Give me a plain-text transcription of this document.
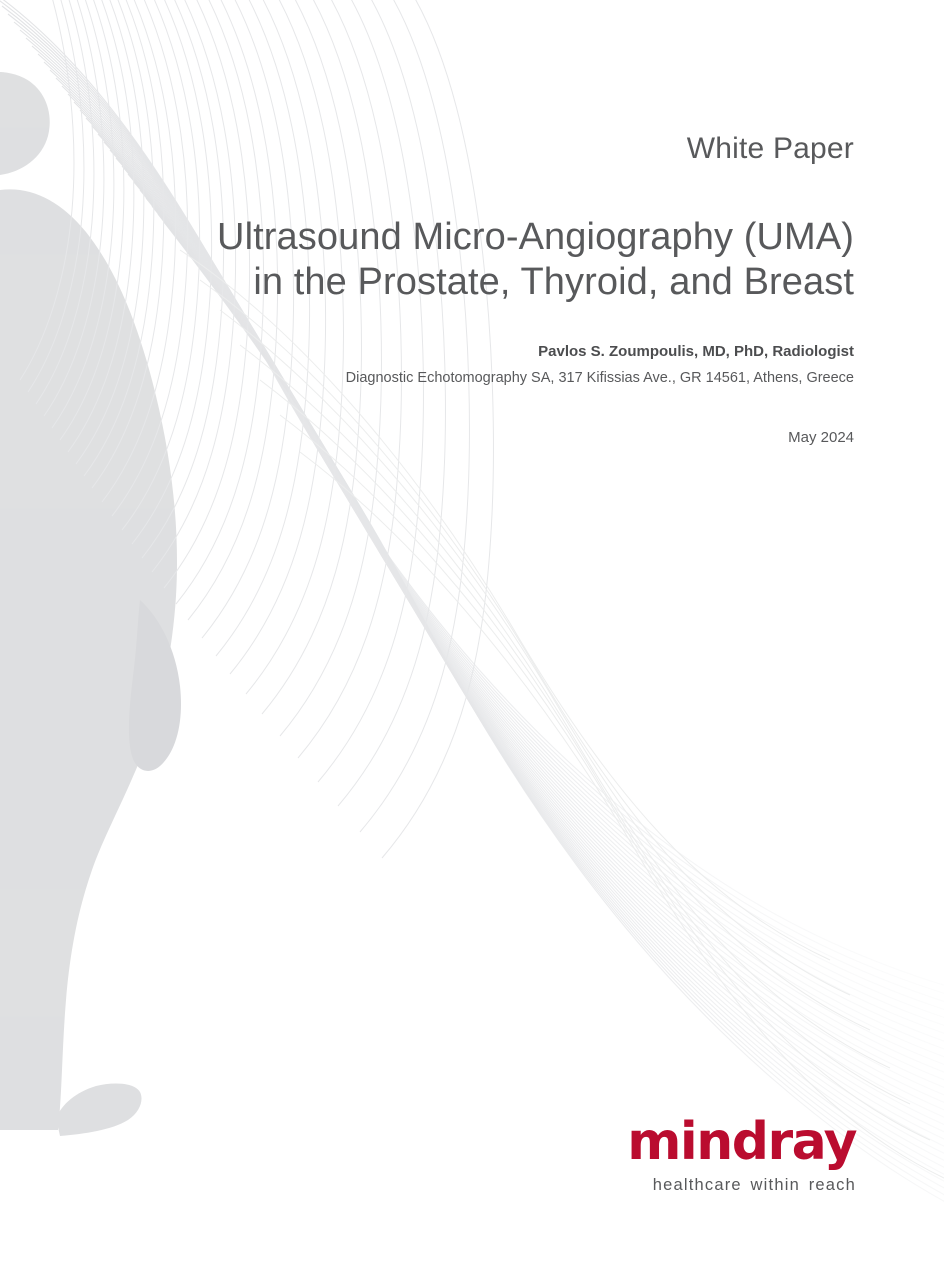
White Paper
Ultrasound Micro-Angiography (UMA)
in the Prostate, Thyroid, and Breast
Pavlos S. Zoumpoulis, MD, PhD, Radiologist
Diagnostic Echotomography SA, 317 Kifissias Ave., GR 14561, Athens, Greece
May 2024
mindray
healthcare within reach
